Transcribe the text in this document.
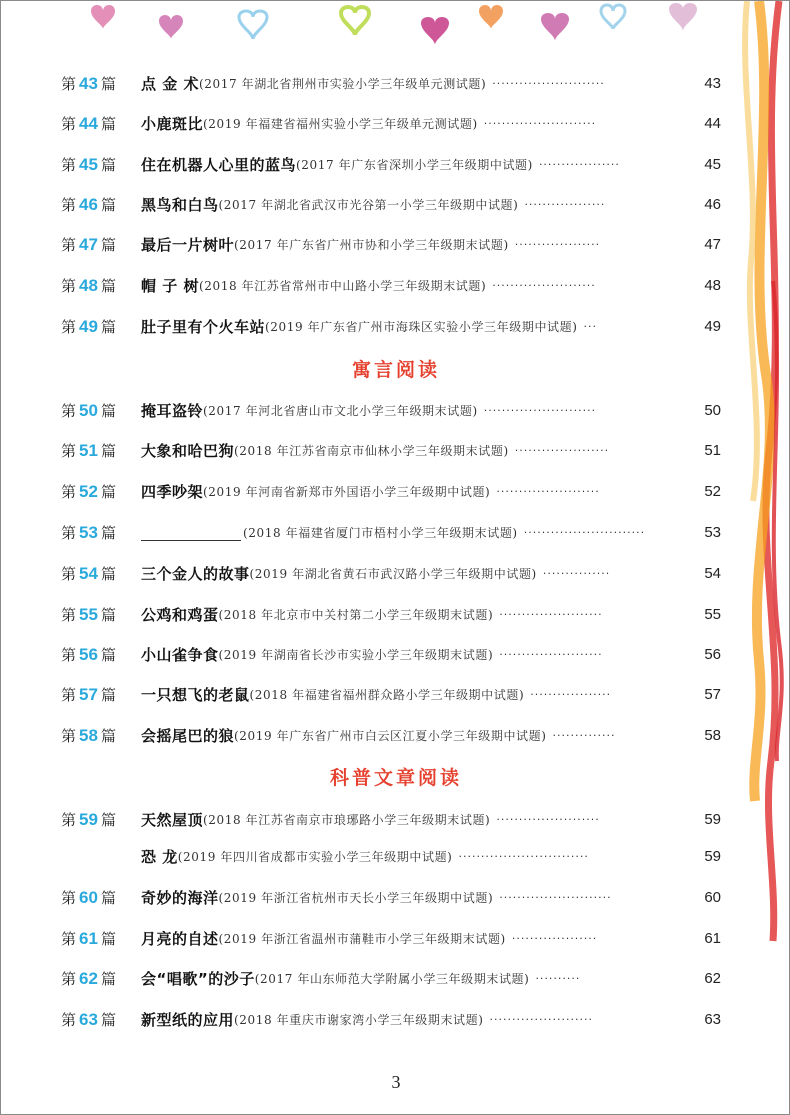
第 43 篇 点 金 术 (2017 年湖北省荆州市实验小学三年级单元测试题) ·························	43
第 44 篇 小鹿斑比 (2019 年福建省福州实验小学三年级单元测试题) ·························	44
第 45 篇 住在机器人心里的蓝鸟 (2017 年广东省深圳小学三年级期中试题) ··················	45
第 46 篇 黑鸟和白鸟 (2017 年湖北省武汉市光谷第一小学三年级期中试题) ··················	46
第 47 篇 最后一片树叶 (2017 年广东省广州市协和小学三年级期末试题) ···················	47
第 48 篇 帽 子 树 (2018 年江苏省常州市中山路小学三年级期末试题) ·······················	48
第 49 篇 肚子里有个火车站 (2019 年广东省广州市海珠区实验小学三年级期中试题) ···	49
第 50 篇 掩耳盗铃 (2017 年河北省唐山市文北小学三年级期末试题) ·························	50
第 51 篇 大象和哈巴狗 (2018 年江苏省南京市仙林小学三年级期末试题) ·····················	51
第 52 篇 四季吵架 (2019 年河南省新郑市外国语小学三年级期中试题) ·······················	52
第 53 篇	(2018 年福建省厦门市梧村小学三年级期末试题) ···························	53
第 54 篇 三个金人的故事 (2019 年湖北省黄石市武汉路小学三年级期中试题) ···············	54
第 55 篇 公鸡和鸡蛋 (2018 年北京市中关村第二小学三年级期末试题) ·······················	55
第 56 篇 小山雀争食 (2019 年湖南省长沙市实验小学三年级期末试题) ·······················	56
第 57 篇 一只想飞的老鼠 (2018 年福建省福州群众路小学三年级期中试题) ··················	57
第 58 篇 会摇尾巴的狼 (2019 年广东省广州市白云区江夏小学三年级期中试题) ··············	58
第 59 篇 天然屋顶 (2018 年江苏省南京市琅琊路小学三年级期末试题) ·······················	59
恐 龙 (2019 年四川省成都市实验小学三年级期中试题) ·····························	59
第 60 篇 奇妙的海洋 (2019 年浙江省杭州市天长小学三年级期中试题) ·························	60
第 61 篇 月亮的自述 (2019 年浙江省温州市蒲鞋市小学三年级期末试题) ···················	61
第 62 篇 会“唱歌”的沙子 (2017 年山东师范大学附属小学三年级期末试题) ··········	62
第 63 篇 新型纸的应用 (2018 年重庆市谢家湾小学三年级期末试题) ·······················	63
寓言阅读
科普文章阅读
3
